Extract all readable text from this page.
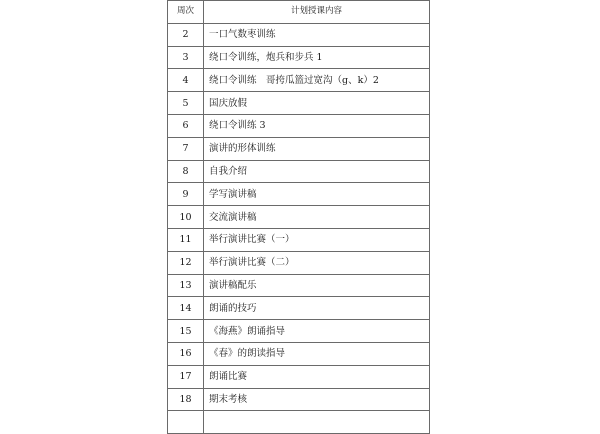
周次	计划授课内容
2	一口气数枣训练
3	绕口令训练，炮兵和步兵 1
4	绕口令训练　哥挎瓜篮过宽沟（g、k）2
5	国庆放假
6	绕口令训练 3
7	演讲的形体训练
8	自我介绍
9	学写演讲稿
10	交流演讲稿
11	举行演讲比赛（一）
12	举行演讲比赛（二）
13	演讲稿配乐
14	朗诵的技巧
15	《海燕》朗诵指导
16	《春》的朗读指导
17	朗诵比赛
18	期末考核
